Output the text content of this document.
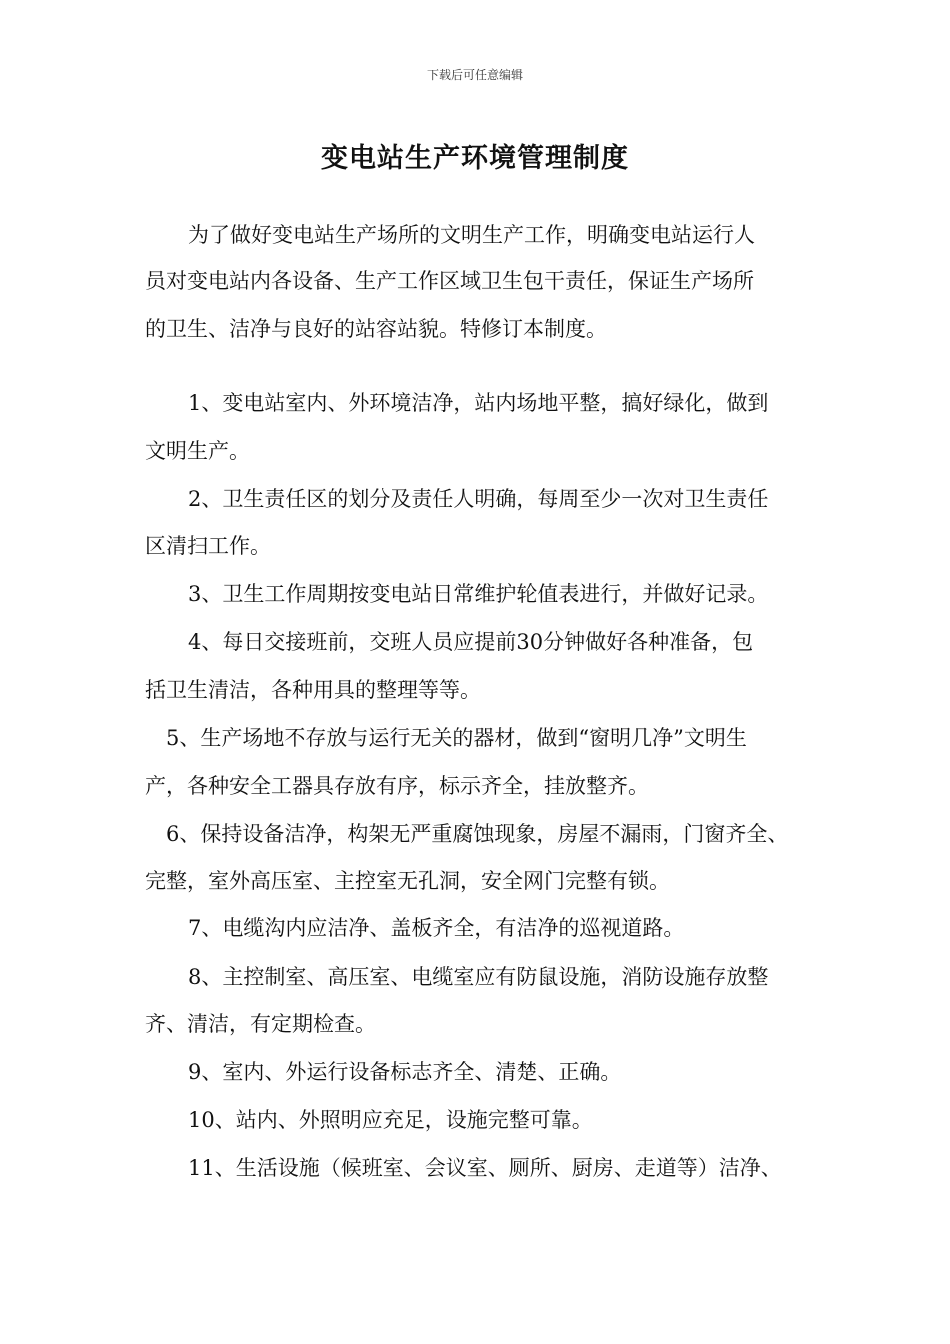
下载后可任意编辑
变电站生产环境管理制度
为了做好变电站生产场所的文明生产工作，明确变电站运行人
员对变电站内各设备、生产工作区域卫生包干责任，保证生产场所
的卫生、洁净与良好的站容站貌。特修订本制度。
1、变电站室内、外环境洁净，站内场地平整，搞好绿化，做到
文明生产。
2、卫生责任区的划分及责任人明确，每周至少一次对卫生责任
区清扫工作。
3、卫生工作周期按变电站日常维护轮值表进行，并做好记录。
4、每日交接班前，交班人员应提前30分钟做好各种准备，包
括卫生清洁，各种用具的整理等等。
5、生产场地不存放与运行无关的器材，做到“窗明几净”文明生
产，各种安全工器具存放有序，标示齐全，挂放整齐。
6、保持设备洁净，构架无严重腐蚀现象，房屋不漏雨，门窗齐全、
完整，室外高压室、主控室无孔洞，安全网门完整有锁。
7、电缆沟内应洁净、盖板齐全，有洁净的巡视道路。
8、主控制室、高压室、电缆室应有防鼠设施，消防设施存放整
齐、清洁，有定期检查。
9、室内、外运行设备标志齐全、清楚、正确。
10、站内、外照明应充足，设施完整可靠。
11、生活设施（候班室、会议室、厕所、厨房、走道等）洁净、
